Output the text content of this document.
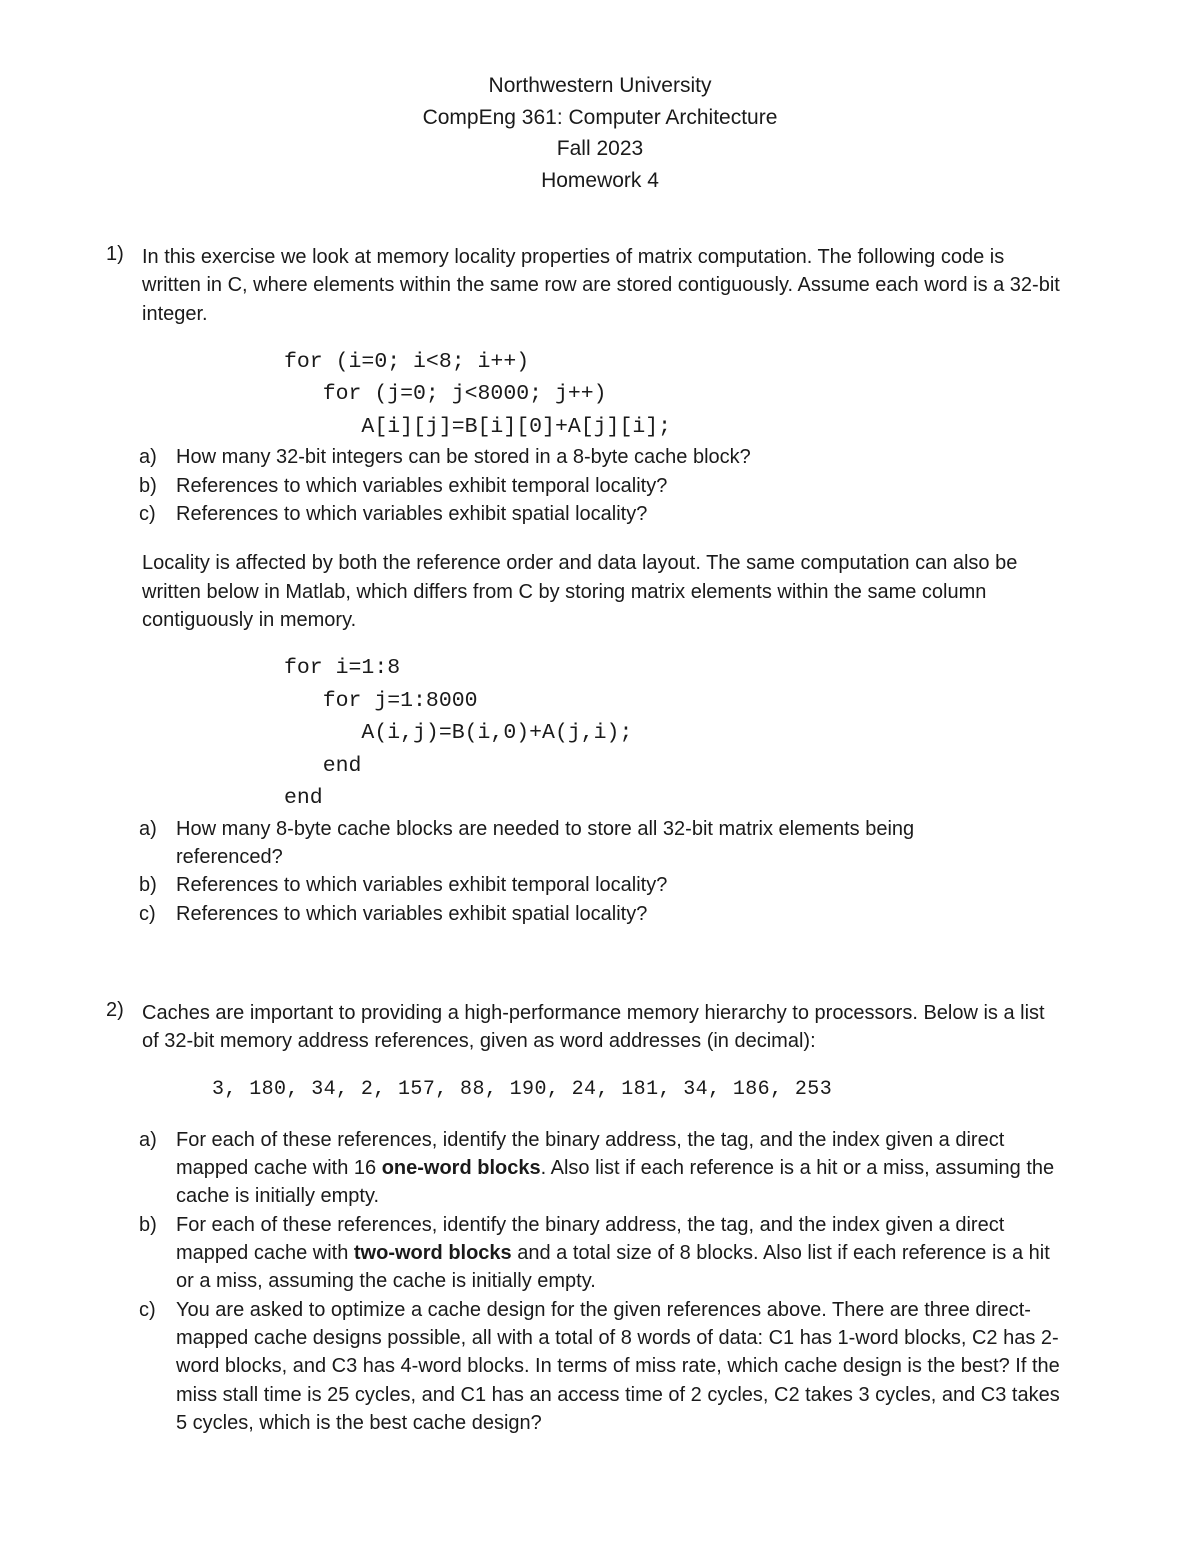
Northwestern University
CompEng 361: Computer Architecture
Fall 2023
Homework 4
1) In this exercise we look at memory locality properties of matrix computation. The following code is written in C, where elements within the same row are stored contiguously. Assume each word is a 32-bit integer.

for (i=0; i<8; i++)
for (j=0; j<8000; j++)
A[i][j]=B[i][0]+A[j][i];
a) How many 32-bit integers can be stored in a 8-byte cache block?
b) References to which variables exhibit temporal locality?
c) References to which variables exhibit spatial locality?

Locality is affected by both the reference order and data layout. The same computation can also be written below in Matlab, which differs from C by storing matrix elements within the same column contiguously in memory.

for i=1:8
for j=1:8000
A(i,j)=B(i,0)+A(j,i);
end
end
a) How many 8-byte cache blocks are needed to store all 32-bit matrix elements being referenced?
b) References to which variables exhibit temporal locality?
c) References to which variables exhibit spatial locality?
2) Caches are important to providing a high-performance memory hierarchy to processors. Below is a list of 32-bit memory address references, given as word addresses (in decimal):

3, 180, 34, 2, 157, 88, 190, 24, 181, 34, 186, 253
a) For each of these references, identify the binary address, the tag, and the index given a direct mapped cache with 16 one-word blocks. Also list if each reference is a hit or a miss, assuming the cache is initially empty.
b) For each of these references, identify the binary address, the tag, and the index given a direct mapped cache with two-word blocks and a total size of 8 blocks. Also list if each reference is a hit or a miss, assuming the cache is initially empty.
c) You are asked to optimize a cache design for the given references above. There are three direct-mapped cache designs possible, all with a total of 8 words of data: C1 has 1-word blocks, C2 has 2-word blocks, and C3 has 4-word blocks. In terms of miss rate, which cache design is the best? If the miss stall time is 25 cycles, and C1 has an access time of 2 cycles, C2 takes 3 cycles, and C3 takes 5 cycles, which is the best cache design?
